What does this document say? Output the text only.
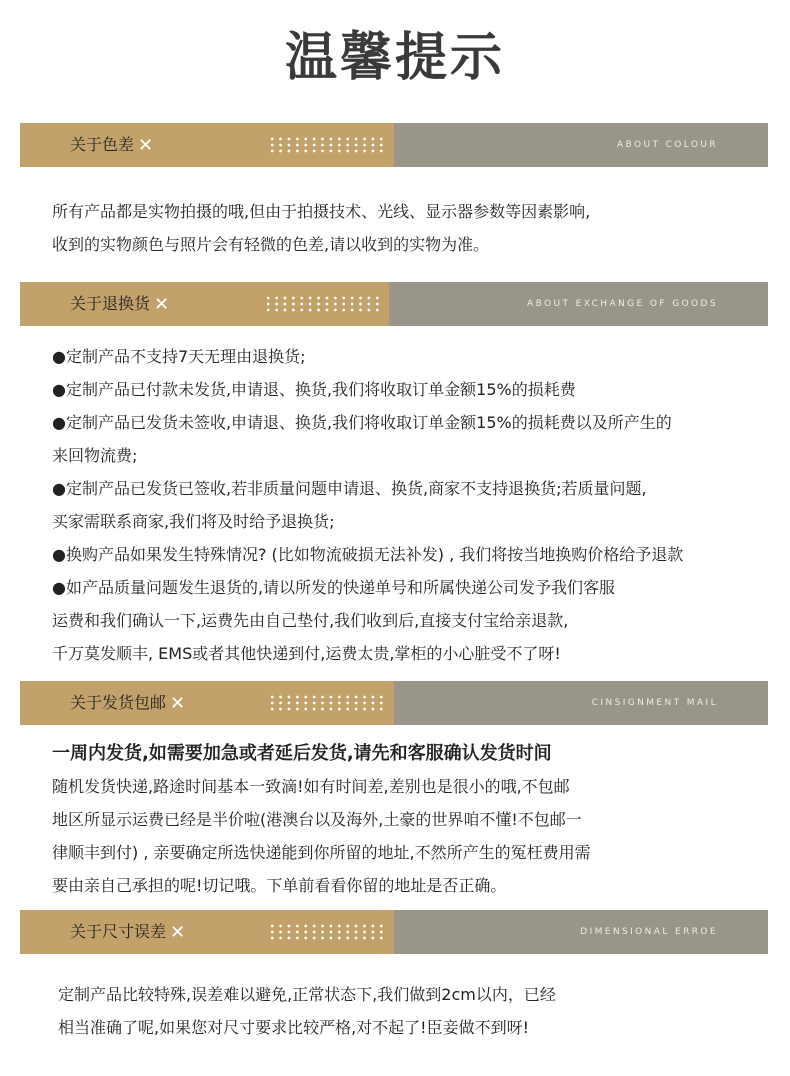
温馨提示
关于色差 ✕	ABOUT COLOUR

所有产品都是实物拍摄的哦,但由于拍摄技术、光线、显示器参数等因素影响,

收到的实物颜色与照片会有轻微的色差,请以收到的实物为准。

关于退换货 ✕	ABOUT EXCHANGE OF GOODS

●定制产品不支持7天无理由退换货;

●定制产品已付款未发货,申请退、换货,我们将收取订单金额15%的损耗费

●定制产品已发货未签收,申请退、换货,我们将收取订单金额15%的损耗费以及所产生的

来回物流费;

●定制产品已发货已签收,若非质量问题申请退、换货,商家不支持退换货;若质量问题,

买家需联系商家,我们将及时给予退换货;

●换购产品如果发生特殊情况? (比如物流破损无法补发) , 我们将按当地换购价格给予退款

●如产品质量问题发生退货的,请以所发的快递单号和所属快递公司发予我们客服

运费和我们确认一下,运费先由自己垫付,我们收到后,直接支付宝给亲退款,

千万莫发顺丰, EMS或者其他快递到付,运费太贵,掌柜的小心脏受不了呀!

关于发货包邮 ✕	CINSIGNMENT MAIL

一周内发货,如需要加急或者延后发货,请先和客服确认发货时间

随机发货快递,路途时间基本一致滴!如有时间差,差别也是很小的哦,不包邮

地区所显示运费已经是半价啦(港澳台以及海外,土豪的世界咱不懂!不包邮一

律顺丰到付) , 亲要确定所选快递能到你所留的地址,不然所产生的冤枉费用需

要由亲自己承担的呢!切记哦。下单前看看你留的地址是否正确。

关于尺寸误差 ✕	DIMENSIONAL ERROE

定制产品比较特殊,误差难以避免,正常状态下,我们做到2cm以内，已经

相当准确了呢,如果您对尺寸要求比较严格,对不起了!臣妾做不到呀!
